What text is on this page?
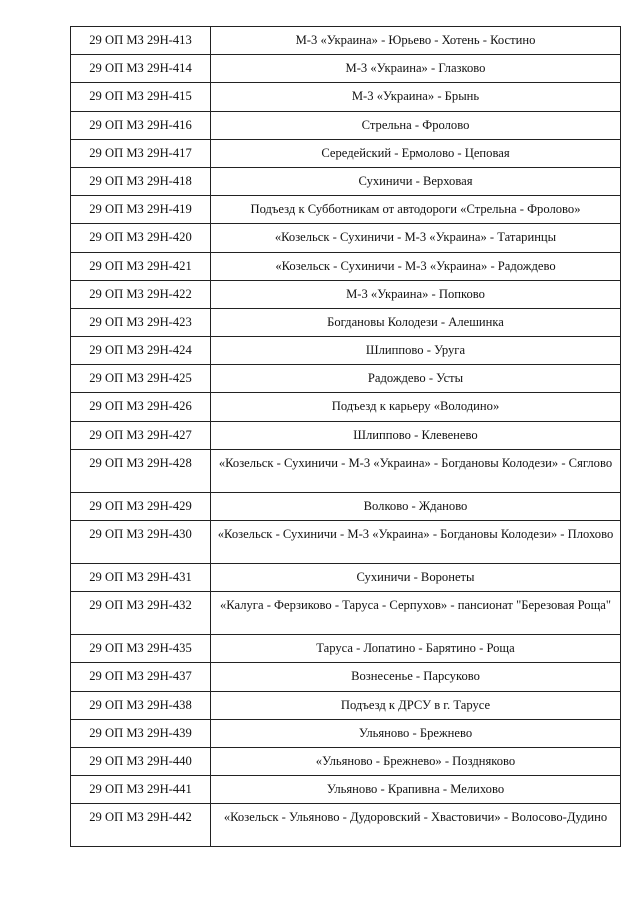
29 ОП МЗ 29Н-413	М-3 «Украина» - Юрьево - Хотень - Костино
29 ОП МЗ 29Н-414	М-3 «Украина» - Глазково
29 ОП МЗ 29Н-415	М-3 «Украина» - Брынь
29 ОП МЗ 29Н-416	Стрельна - Фролово
29 ОП МЗ 29Н-417	Середейский - Ермолово - Цеповая
29 ОП МЗ 29Н-418	Сухиничи - Верховая
29 ОП МЗ 29Н-419	Подъезд к Субботникам от автодороги «Стрельна - Фролово»
29 ОП МЗ 29Н-420	«Козельск - Сухиничи - М-3 «Украина» - Татаринцы
29 ОП МЗ 29Н-421	«Козельск - Сухиничи - М-3 «Украина» - Радождево
29 ОП МЗ 29Н-422	М-3 «Украина» - Попково
29 ОП МЗ 29Н-423	Богдановы Колодези - Алешинка
29 ОП МЗ 29Н-424	Шлиппово - Уруга
29 ОП МЗ 29Н-425	Радождево - Усты
29 ОП МЗ 29Н-426	Подъезд к карьеру «Володино»
29 ОП МЗ 29Н-427	Шлиппово - Клевенево
29 ОП МЗ 29Н-428	«Козельск - Сухиничи - М-3 «Украина» - Богдановы Колодези» - Сяглово
29 ОП МЗ 29Н-429	Волково - Жданово
29 ОП МЗ 29Н-430	«Козельск - Сухиничи - М-3 «Украина» - Богдановы Колодези» - Плохово
29 ОП МЗ 29Н-431	Сухиничи - Воронеты
29 ОП МЗ 29Н-432	«Калуга - Ферзиково - Таруса - Серпухов» - пансионат "Березовая Роща"
29 ОП МЗ 29Н-435	Таруса - Лопатино - Барятино - Роща
29 ОП МЗ 29Н-437	Вознесенье - Парсуково
29 ОП МЗ 29Н-438	Подъезд к ДРСУ в г. Тарусе
29 ОП МЗ 29Н-439	Ульяново - Брежнево
29 ОП МЗ 29Н-440	«Ульяново - Брежнево» - Поздняково
29 ОП МЗ 29Н-441	Ульяново - Крапивна - Мелихово
29 ОП МЗ 29Н-442	«Козельск - Ульяново - Дудоровский - Хвастовичи» - Волосово-Дудино
